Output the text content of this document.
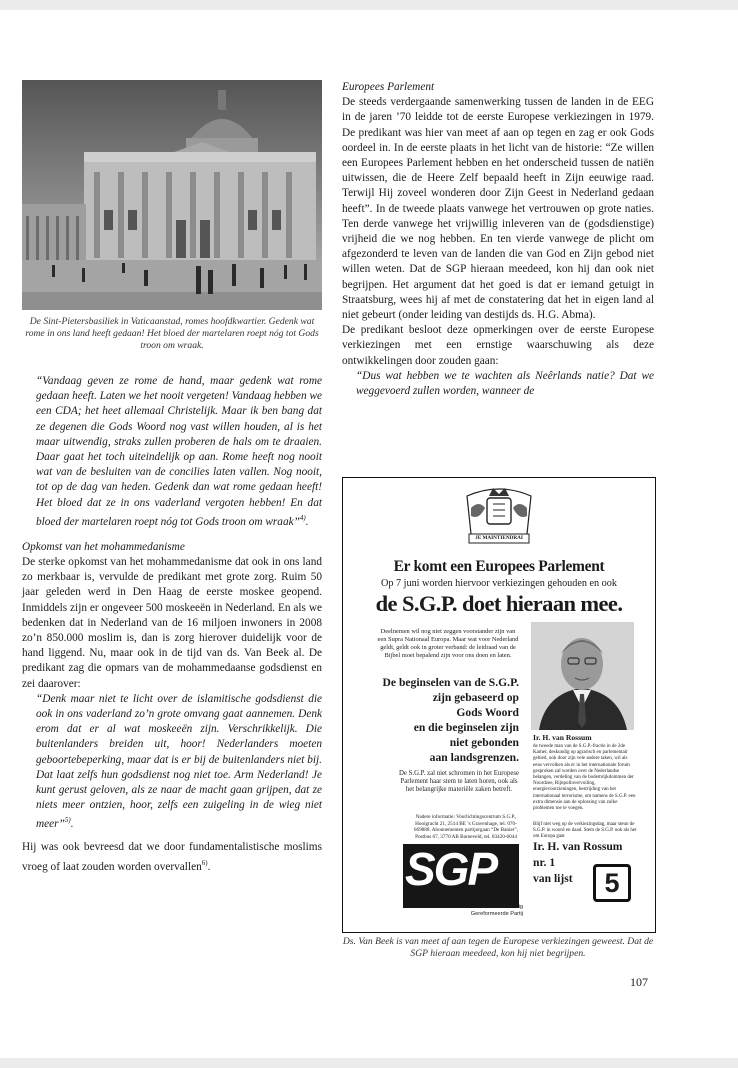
De Sint-Pietersbasiliek in Vaticaanstad, romes hoofdkwartier. Gedenk wat rome in ons land heeft gedaan! Het bloed der martelaren roept nóg tot Gods troon om wraak.

“Vandaag geven ze rome de hand, maar gedenk wat rome gedaan heeft. Laten we het nooit vergeten! Vandaag hebben we een CDA; het heet allemaal Christelijk. Maar ik ben bang dat ze degenen die Gods Woord nog vast willen houden, al is het maar uitwendig, straks zullen proberen de hals om te draaien. Daar gaat het toch uiteindelijk op aan. Rome heeft nog nooit wat van de besluiten van de concilies laten vallen. Nog nooit, tot op de dag van heden. Gedenk dan wat rome gedaan heeft! Het bloed dat ze in ons vaderland vergoten hebben! En dat bloed der martelaren roept nóg tot Gods troon om wraak”$^{4)}$.

Opkomst van het mohammedanisme

De sterke opkomst van het mohammedanisme dat ook in ons land zo merkbaar is, vervulde de predikant met grote zorg. Ruim 50 jaar geleden werd in Den Haag de eerste moskee geopend. Inmiddels zijn er ongeveer 500 moskeeën in Nederland. En als we bedenken dat in Nederland van de 16 miljoen inwoners in 2008 zo’n 850.000 moslim is, dan is zorg hierover duidelijk voor de hand liggend. Nu, maar ook in de tijd van ds. Van Beek al. De predikant zag die opmars van de mohammedaanse godsdienst en zei daarover:

“Denk maar niet te licht over de islamitische godsdienst die ook in ons vaderland zo’n grote omvang gaat aannemen. Denk erom dat er al wat moskeeën zijn. Verschrikkelijk. Die buitenlanders breiden uit, hoor! Nederlanders moeten geboortebeperking, maar dat is er bij de buitenlanders niet bij. Dat laat zelfs hun godsdienst nog niet toe. Arm Nederland! Je kunt gerust geloven, als ze naar de macht gaan grijpen, dat ze niets meer ontzien, hoor, zelfs een zuigeling in de wieg niet meer”$^{5)}$.

Hij was ook bevreesd dat we door fundamentalistische moslims vroeg of laat zouden worden overvallen$^{6)}$.

Europees Parlement

De steeds verdergaande samenwerking tussen de landen in de EEG in de jaren ’70 leidde tot de eerste Europese verkiezingen in 1979. De predikant was hier van meet af aan op tegen en zag er ook Gods oordeel in. In de eerste plaats in het licht van de historie: “Ze willen een Europees Parlement hebben en het onderscheid tussen de natiën uitwissen, die de Heere Zelf bepaald heeft in Zijn eeuwige raad. Terwijl Hij zoveel wonderen door Zijn Geest in Nederland gedaan heeft”. In de tweede plaats vanwege het vertrouwen op grote naties. Ten derde vanwege het vrijwillig inleveren van de (godsdienstige) vrijheid die we nog hebben. En ten vierde vanwege de plicht om afgezonderd te leven van de landen die van God en Zijn gebod niet willen weten. Dat de SGP hieraan meedeed, kon hij dan ook niet begrijpen. Het argument dat het goed is dat er iemand getuigt in Straatsburg, wees hij af met de constatering dat het in eigen land al niet gebeurt (onder leiding van destijds ds. H.G. Abma).

De predikant besloot deze opmerkingen over de eerste Europese verkiezingen met een ernstige waarschuwing als deze ontwikkelingen door zouden gaan:

“Dus wat hebben we te wachten als Neêrlands natie? Dat we weggevoerd zullen worden, wanneer de

JE MAINTIENDRAI
Er komt een Europees Parlement
Op 7 juni worden hiervoor verkiezingen gehouden en ook
de S.G.P. doet hieraan mee.
Deelnemen wil nog niet zeggen voorstander zijn van een Supra Nationaal Europa. Maar wat voor Nederland geldt, geldt ook in groter verband: de leidraad van de Bijbel moet bepalend zijn voor ons doen en laten.
De beginselen van de S.G.P.
zijn gebaseerd op
Gods Woord
en die beginselen zijn
niet gebonden
aan landsgrenzen.
De S.G.P. zal niet schromen in het Europese Parlement haar stem te laten horen, ook als het belangrijke materiële zaken betreft.
Nadere informatie: Voorlichtingscentrum S.G.P., Hooigracht 21, 2514 BE ’s Gravenhage, tel. 070-669888. Abonnementen partijorgaan “De Banier”, Postbus 67, 3770 AB Barneveld, tel. 03420-6044
SGP
Staatkundig
Gereformeerde Partij
Ir. H. van Rossum
de tweede man van de S.G.P.-fractie in de 2de Kamer, deskundig op agrarisch en parlementair gebied, ook door zijn vele andere taken, wil als eens vervolken als er in het internationale forum gesproken zal worden over de Nederlandse belangen, verdeling van de bodemrijkdommen der Noordzee, Rijnpolluvervoiling, energievoorzieningen, bestrijding van het internationaal terrorisme, om namens de S.G.P. een extra dimensie aan de oplossing van zulke problemen toe te voegen.
Blijf niet weg op de verkiezingsdag, maar steun de S.G.P. in woord en daad. Stem de S.G.P. ook als het om Europa gaat
Ir. H. van Rossum
nr. 1
van lijst	5
Ds. Van Beek is van meet af aan tegen de Europese verkiezingen geweest. Dat de SGP hieraan meedeed, kon hij niet begrijpen.
107
